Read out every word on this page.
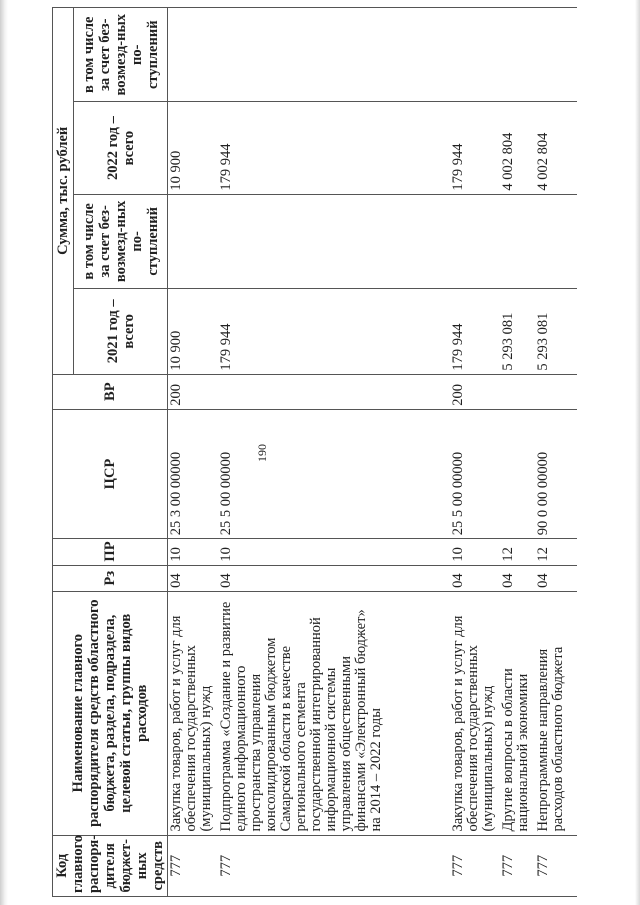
190
Код главного распоря-дителя бюджет-ных средств	Наименование главного распорядителя средств областного бюджета, раздела, подраздела, целевой статьи, группы видов расходов	Рз	ПР	ЦСР	ВР	Сумма, тыс. рублей			
						2021 год – всего	в том числе за счет без-возмезд-ных по-ступлений	2022 год – всего	в том числе за счет без-возмезд-ных по-ступлений
777	Закупка товаров, работ и услуг для обеспечения государственных (муниципальных) нужд	04	10	25 3 00 00000	200	10 900		10 900	
777	Подпрограмма «Создание и развитие единого информационного пространства управления консолидированным бюджетом Самарской области в качестве регионального сегмента государственной интегрированной информационной системы управления общественными финансами «Электронный бюджет» на 2014 – 2022 годы	04	10	25 5 00 00000		179 944		179 944	
777	Закупка товаров, работ и услуг для обеспечения государственных (муниципальных) нужд	04	10	25 5 00 00000	200	179 944		179 944	
777	Другие вопросы в области национальной экономики	04	12			5 293 081		4 002 804	
777	Непрограммные направления расходов областного бюджета	04	12	90 0 00 00000		5 293 081		4 002 804	
